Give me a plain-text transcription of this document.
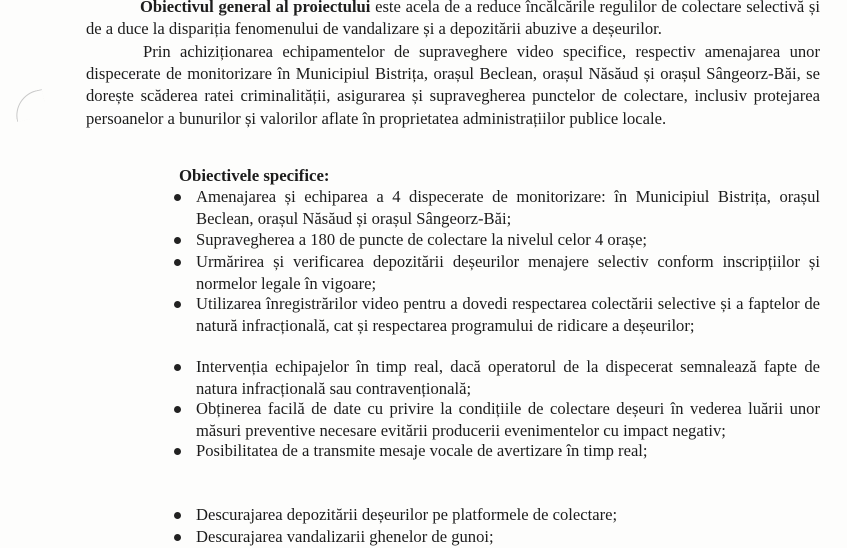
Obiectivul general al proiectului este acela de a reduce încălcările regulilor de colectare selectivă și de a duce la dispariția fenomenului de vandalizare și a depozitării abuzive a deșeurilor.

Prin achiziționarea echipamentelor de supraveghere video specifice, respectiv amenajarea unor dispecerate de monitorizare în Municipiul Bistrița, orașul Beclean, orașul Năsăud și orașul Sângeorz-Băi, se dorește scăderea ratei criminalității, asigurarea și supravegherea punctelor de colectare, inclusiv protejarea persoanelor a bunurilor și valorilor aflate în proprietatea administrațiilor publice locale.

Obiectivele specifice:
Amenajarea și echiparea a 4 dispecerate de monitorizare: în Municipiul Bistrița, orașul Beclean, orașul Năsăud și orașul Sângeorz-Băi;
Supravegherea a 180 de puncte de colectare la nivelul celor 4 orașe;
Urmărirea și verificarea depozitării deșeurilor menajere selectiv conform inscripțiilor și normelor legale în vigoare;
Utilizarea înregistrărilor video pentru a dovedi respectarea colectării selective și a faptelor de natură infracțională, cat și respectarea programului de ridicare a deșeurilor;
Intervenția echipajelor în timp real, dacă operatorul de la dispecerat semnalează fapte de natura infracțională sau contravențională;
Obținerea facilă de date cu privire la condițiile de colectare deșeuri în vederea luării unor măsuri preventive necesare evitării producerii evenimentelor cu impact negativ;
Posibilitatea de a transmite mesaje vocale de avertizare în timp real;
Descurajarea depozitării deșeurilor pe platformele de colectare;
Descurajarea vandalizarii ghenelor de gunoi;
